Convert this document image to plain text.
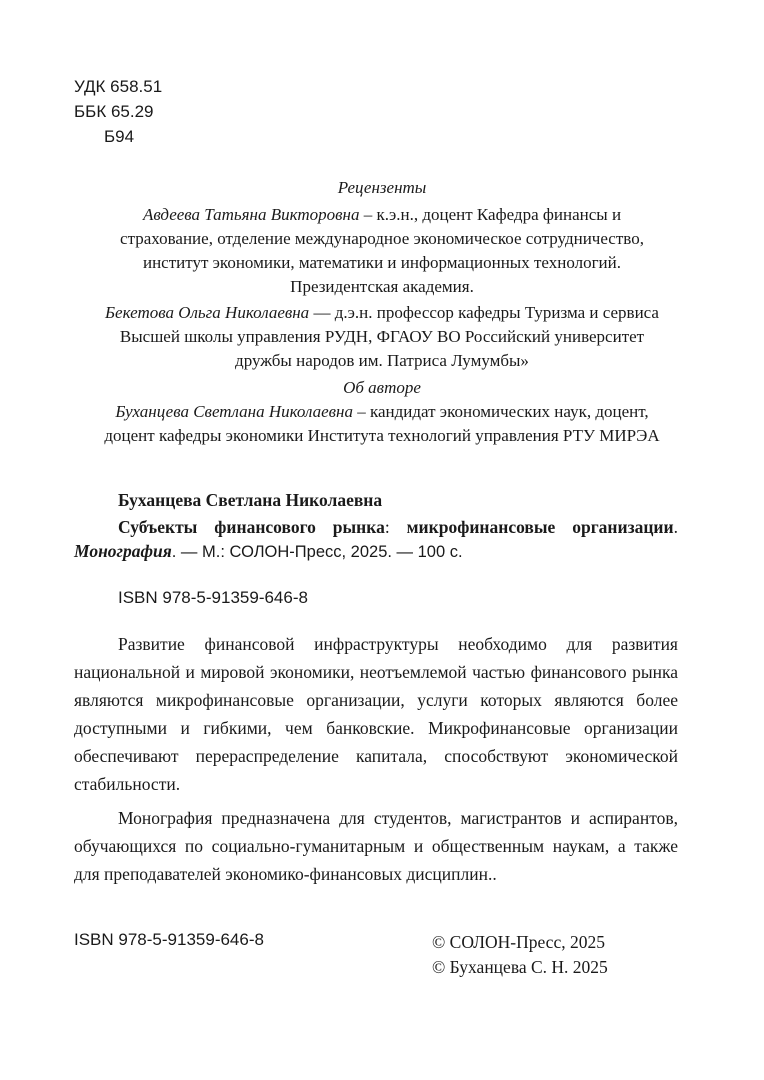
УДК 658.51
ББК 65.29
Б94
Рецензенты
Авдеева Татьяна Викторовна – к.э.н., доцент Кафедра финансы и
страхование, отделение международное экономическое сотрудничество,
институт экономики, математики и информационных технологий.
Президентская академия.
Бекетова Ольга Николаевна — д.э.н. профессор кафедры Туризма и сервиса
Высшей школы управления РУДН, ФГАОУ ВО Российский университет
дружбы народов им. Патриса Лумумбы»
Об авторе
Буханцева Светлана Николаевна – кандидат экономических наук, доцент,
доцент кафедры экономики Института технологий управления РТУ МИРЭА
Буханцева Светлана Николаевна
Субъекты финансового рынка: микрофинансовые организации. Монография. — М.: СОЛОН-Пресс, 2025. — 100 с.
ISBN 978-5-91359-646-8

Развитие финансовой инфраструктуры необходимо для развития национальной и мировой экономики, неотъемлемой частью финансового рынка являются микрофинансовые организации, услуги которых являются более доступными и гибкими, чем банковские. Микрофинансовые организации обеспечивают перераспределение капитала, способствуют экономической стабильности.

Монография предназначена для студентов, магистрантов и аспирантов, обучающихся по социально-гуманитарным и общественным наукам, а также для преподавателей экономико-финансовых дисциплин..

ISBN 978-5-91359-646-8	© СОЛОН-Пресс, 2025
© Буханцева С. Н. 2025
